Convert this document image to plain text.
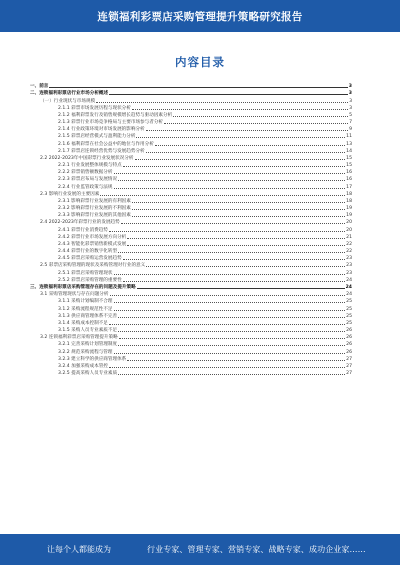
连锁福利彩票店采购管理提升策略研究报告
内容目录
一、前言	3
二、连锁福利彩票店行业市场分析概述	3
（一）行业现状与市场规模	3
2.1.1 彩票市场发展历程与现状分析	3
2.1.2 福利彩票发行及销售规模增长趋势与驱动因素分析	5
2.1.3 彩票行业市场竞争格局与主要市场参与者分析	7
2.1.4 行业政策环境对市场发展的影响分析	9
2.1.5 彩票店经营模式与盈利能力分析	11
2.1.6 福利彩票在社会公益中的地位与作用分析	13
2.1.7 彩票店连锁经营优势与发展趋势分析	14
2.2 2022-2023年中国彩票行业发展状况分析	15
2.2.1 行业发展整体规模与特点	15
2.2.2 彩票销售额数据分析	16
2.2.3 彩票店布局与发展情况	16
2.2.4 行业监管政策与法规	17
2.3 影响行业发展的主要因素	18
2.3.1 影响彩票行业发展的有利因素	18
2.3.2 影响彩票行业发展的不利因素	19
2.3.3 影响彩票行业发展的其他因素	19
2.4 2022-2023年彩票行业的发展趋势	20
2.4.1 彩票行业消费趋势	20
2.4.2 彩票行业市场发展方向分析	21
2.4.3 智能化彩票销售新模式发展	22
2.4.4 彩票行业的数字化转型	22
2.4.5 彩票店采购运营发展趋势	23
2.5 彩票店采购管理的现状及采购管理对行业的意义	23
2.5.1 彩票店采购管理现状	23
2.5.2 彩票店采购管理的重要性	24
三、连锁福利彩票店采购管理存在的问题及提升策略	24
3.1 采购管理现状与存在问题分析	24
3.1.1 采购计划编制不合理	25
3.1.2 采购流程规范性不足	25
3.1.3 供应商管理体系不完善	25
3.1.4 采购成本控制不足	25
3.1.5 采购人员专业素质不足	26
3.2 连锁福利彩票店采购管理提升策略	26
3.2.1 完善采购计划管理制度	26
3.2.2 规范采购流程与管理	26
3.2.3 建立科学的供应商管理体系	27
3.2.4 加强采购成本管控	27
3.2.5 提高采购人员专业素质	27
让每个人都能成为	行业专家、管理专家、营销专家、战略专家、成功企业家……
